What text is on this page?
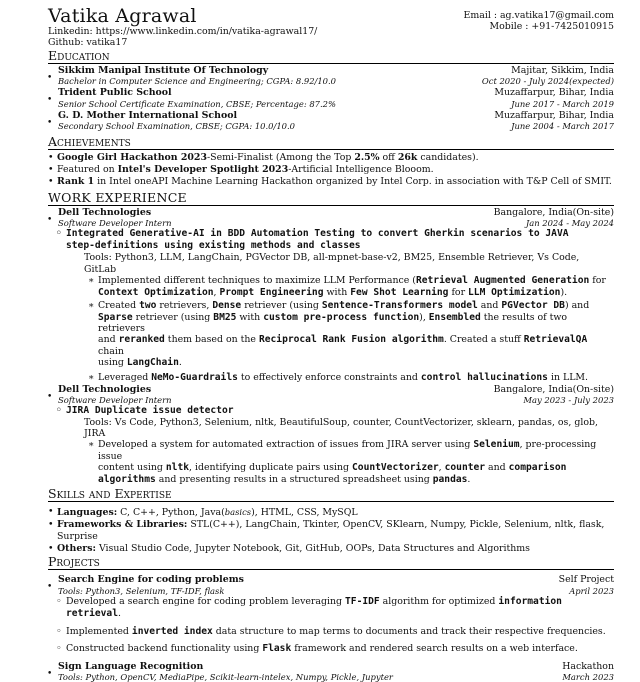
Vatika Agrawal
Linkedin: https://www.linkedin.com/in/vatika-agrawal17/
Github: vatika17
Email : ag.vatika17@gmail.com
Mobile : +91-7425010915
Education
• Sikkim Manipal Institute Of Technology	Majitar, Sikkim, India
Bachelor in Computer Science and Engineering; CGPA: 8.92/10.0	Oct 2020 - July 2024(expected)
• Trident Public School	Muzaffarpur, Bihar, India
Senior School Certificate Examination, CBSE; Percentage: 87.2%	June 2017 - March 2019
• G. D. Mother International School	Muzaffarpur, Bihar, India
Secondary School Examination, CBSE; CGPA: 10.0/10.0	June 2004 - March 2017
Achievements
• Google Girl Hackathon 2023-Semi-Finalist (Among the Top 2.5% off 26k candidates).
• Featured on Intel's Developer Spotlight 2023-Artificial Intelligence Blooom.
• Rank 1 in Intel oneAPI Machine Learning Hackathon organized by Intel Corp. in association with T&P Cell of SMIT.
WORK EXPERIENCE
• Dell Technologies	Bangalore, India(On-site)
Software Developer Intern	Jan 2024 - May 2024
◦ Integrated Generative-AI in BDD Automation Testing to convert Gherkin scenarios to JAVA
step-definitions using existing methods and classes
Tools: Python3, LLM, LangChain, PGVector DB, all-mpnet-base-v2, BM25, Ensemble Retriever, Vs Code, GitLab
∗ Implemented different techniques to maximize LLM Performance (Retrieval Augmented Generation for
Context Optimization, Prompt Engineering with Few Shot Learning for LLM Optimization).
∗ Created two retrievers, Dense retriever (using Sentence-Transformers model and PGVector DB) and
Sparse retriever (using BM25 with custom pre-process function), Ensembled the results of two retrievers
and reranked them based on the Reciprocal Rank Fusion algorithm. Created a stuff RetrievalQA chain
using LangChain.
∗ Leveraged NeMo-Guardrails to effectively enforce constraints and control hallucinations in LLM.
• Dell Technologies	Bangalore, India(On-site)
Software Developer Intern	May 2023 - July 2023
◦ JIRA Duplicate issue detector
Tools: Vs Code, Python3, Selenium, nltk, BeautifulSoup, counter, CountVectorizer, sklearn, pandas, os, glob, JIRA
∗ Developed a system for automated extraction of issues from JIRA server using Selenium, pre-processing issue
content using nltk, identifying duplicate pairs using CountVectorizer, counter and comparison
algorithms and presenting results in a structured spreadsheet using pandas.
Skills and Expertise
• Languages: C, C++, Python, Java(basics), HTML, CSS, MySQL
• Frameworks & Libraries: STL(C++), LangChain, Tkinter, OpenCV, SKlearn, Numpy, Pickle, Selenium, nltk, flask, Surprise
• Others: Visual Studio Code, Jupyter Notebook, Git, GitHub, OOPs, Data Structures and Algorithms
Projects
• Search Engine for coding problems	Self Project
Tools: Python3, Selenium, TF-IDF, flask	April 2023
◦ Developed a search engine for coding problem leveraging TF-IDF algorithm for optimized information retrieval.
◦ Implemented inverted index data structure to map terms to documents and track their respective frequencies.
◦ Constructed backend functionality using Flask framework and rendered search results on a web interface.
• Sign Language Recognition	Hackathon
Tools: Python, OpenCV, MediaPipe, Scikit-learn-intelex, Numpy, Pickle, Jupyter	March 2023
